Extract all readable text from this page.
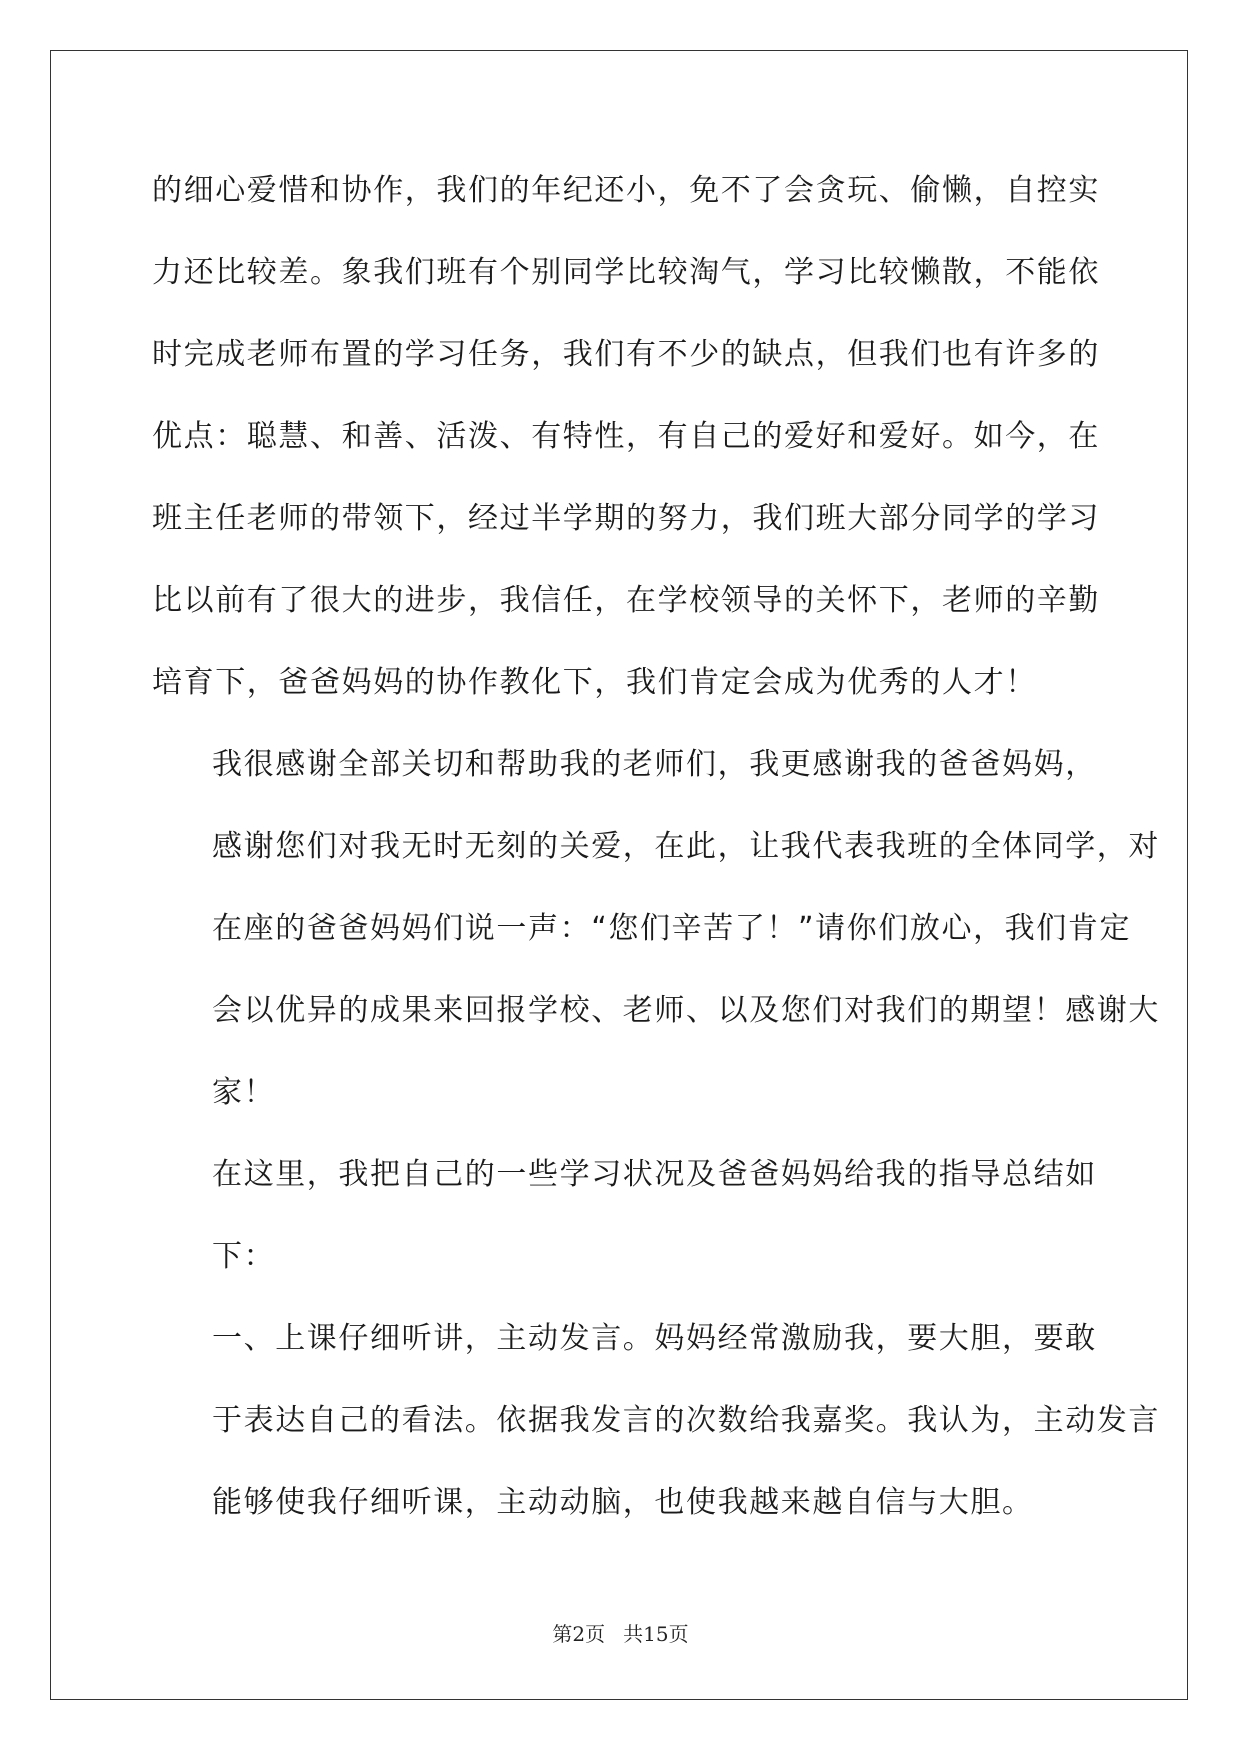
的细心爱惜和协作，我们的年纪还小，免不了会贪玩、偷懒，自控实
力还比较差。象我们班有个别同学比较淘气，学习比较懒散，不能依
时完成老师布置的学习任务，我们有不少的缺点，但我们也有许多的
优点：聪慧、和善、活泼、有特性，有自己的爱好和爱好。如今，在
班主任老师的带领下，经过半学期的努力，我们班大部分同学的学习
比以前有了很大的进步，我信任，在学校领导的关怀下，老师的辛勤
培育下，爸爸妈妈的协作教化下，我们肯定会成为优秀的人才！

我很感谢全部关切和帮助我的老师们，我更感谢我的爸爸妈妈，
感谢您们对我无时无刻的关爱，在此，让我代表我班的全体同学，对
在座的爸爸妈妈们说一声：“您们辛苦了！”请你们放心，我们肯定
会以优异的成果来回报学校、老师、以及您们对我们的期望！感谢大
家！

在这里，我把自己的一些学习状况及爸爸妈妈给我的指导总结如
下：

一、上课仔细听讲，主动发言。妈妈经常激励我，要大胆，要敢
于表达自己的看法。依据我发言的次数给我嘉奖。我认为，主动发言
能够使我仔细听课，主动动脑，也使我越来越自信与大胆。

第2页 共15页
